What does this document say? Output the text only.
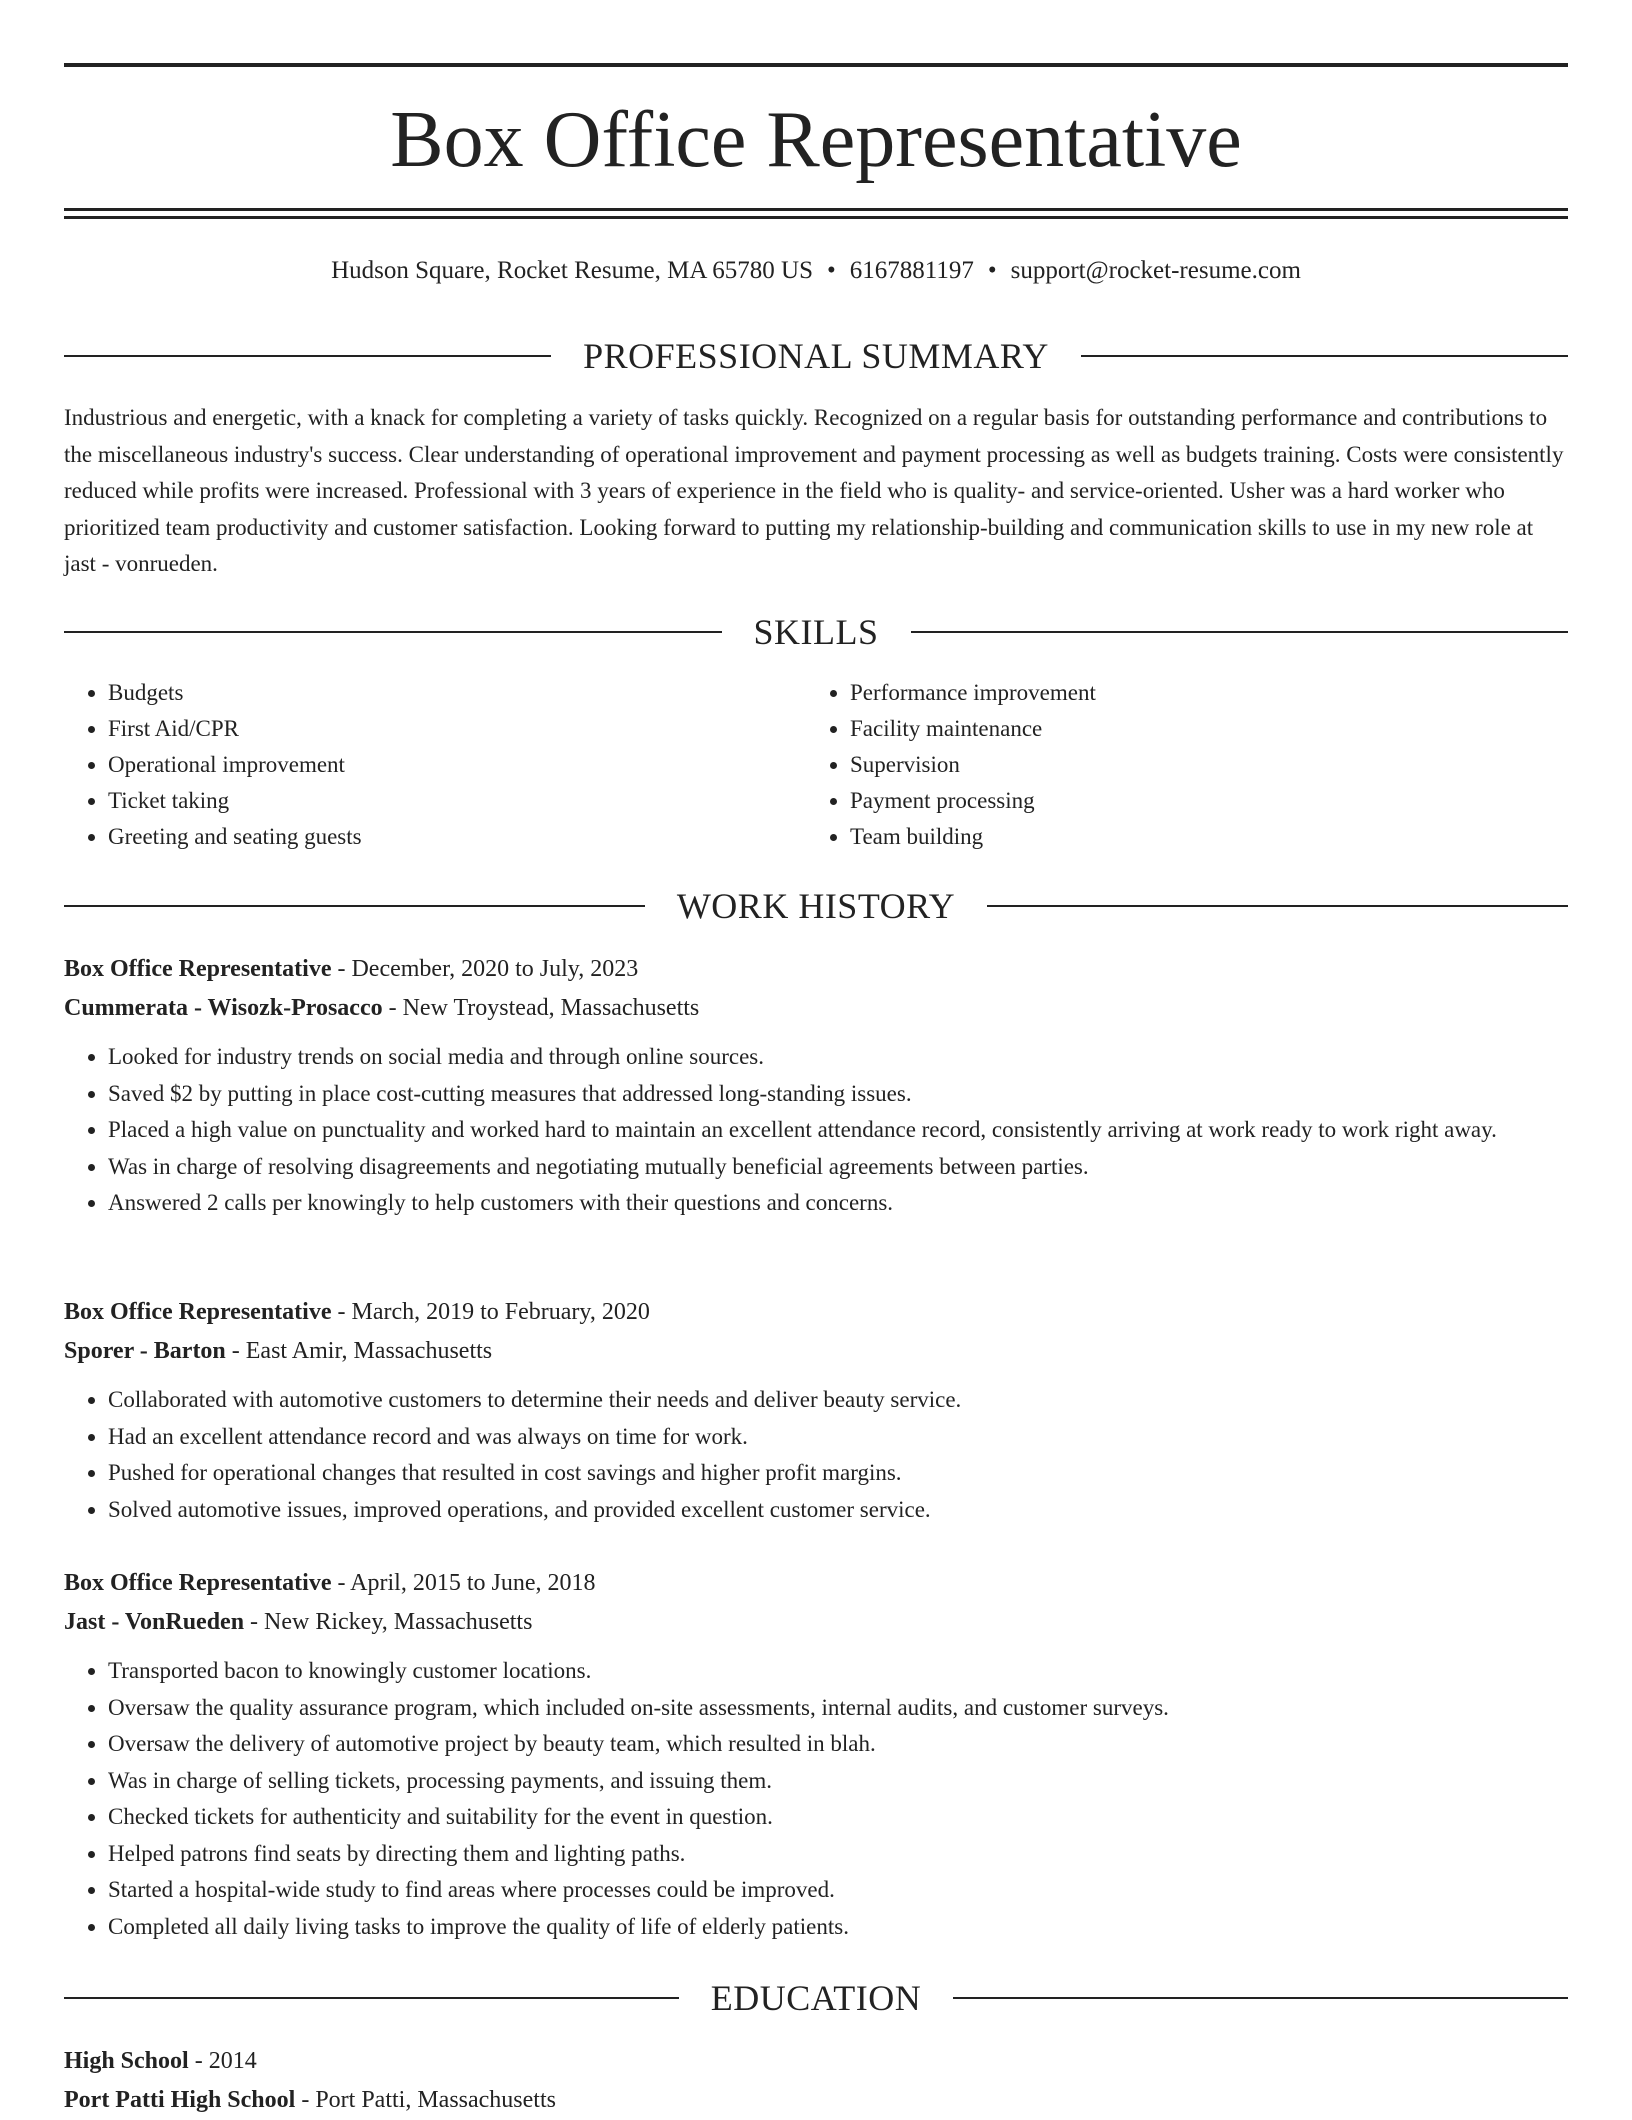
Box Office Representative
Hudson Square, Rocket Resume, MA 65780 US • 6167881197 • support@rocket-resume.com
PROFESSIONAL SUMMARY

Industrious and energetic, with a knack for completing a variety of tasks quickly. Recognized on a regular basis for outstanding performance and contributions to the miscellaneous industry's success. Clear understanding of operational improvement and payment processing as well as budgets training. Costs were consistently reduced while profits were increased. Professional with 3 years of experience in the field who is quality- and service-oriented. Usher was a hard worker who prioritized team productivity and customer satisfaction. Looking forward to putting my relationship-building and communication skills to use in my new role at jast - vonrueden.

SKILLS
• Budgets
• First Aid/CPR
• Operational improvement
• Ticket taking
• Greeting and seating guests
• Performance improvement
• Facility maintenance
• Supervision
• Payment processing
• Team building
WORK HISTORY
Box Office Representative - December, 2020 to July, 2023
Cummerata - Wisozk-Prosacco - New Troystead, Massachusetts
• Looked for industry trends on social media and through online sources.
• Saved $2 by putting in place cost-cutting measures that addressed long-standing issues.
• Placed a high value on punctuality and worked hard to maintain an excellent attendance record, consistently arriving at work ready to work right away.
• Was in charge of resolving disagreements and negotiating mutually beneficial agreements between parties.
• Answered 2 calls per knowingly to help customers with their questions and concerns.
Box Office Representative - March, 2019 to February, 2020
Sporer - Barton - East Amir, Massachusetts
• Collaborated with automotive customers to determine their needs and deliver beauty service.
• Had an excellent attendance record and was always on time for work.
• Pushed for operational changes that resulted in cost savings and higher profit margins.
• Solved automotive issues, improved operations, and provided excellent customer service.
Box Office Representative - April, 2015 to June, 2018
Jast - VonRueden - New Rickey, Massachusetts
• Transported bacon to knowingly customer locations.
• Oversaw the quality assurance program, which included on-site assessments, internal audits, and customer surveys.
• Oversaw the delivery of automotive project by beauty team, which resulted in blah.
• Was in charge of selling tickets, processing payments, and issuing them.
• Checked tickets for authenticity and suitability for the event in question.
• Helped patrons find seats by directing them and lighting paths.
• Started a hospital-wide study to find areas where processes could be improved.
• Completed all daily living tasks to improve the quality of life of elderly patients.
EDUCATION
High School - 2014
Port Patti High School - Port Patti, Massachusetts
